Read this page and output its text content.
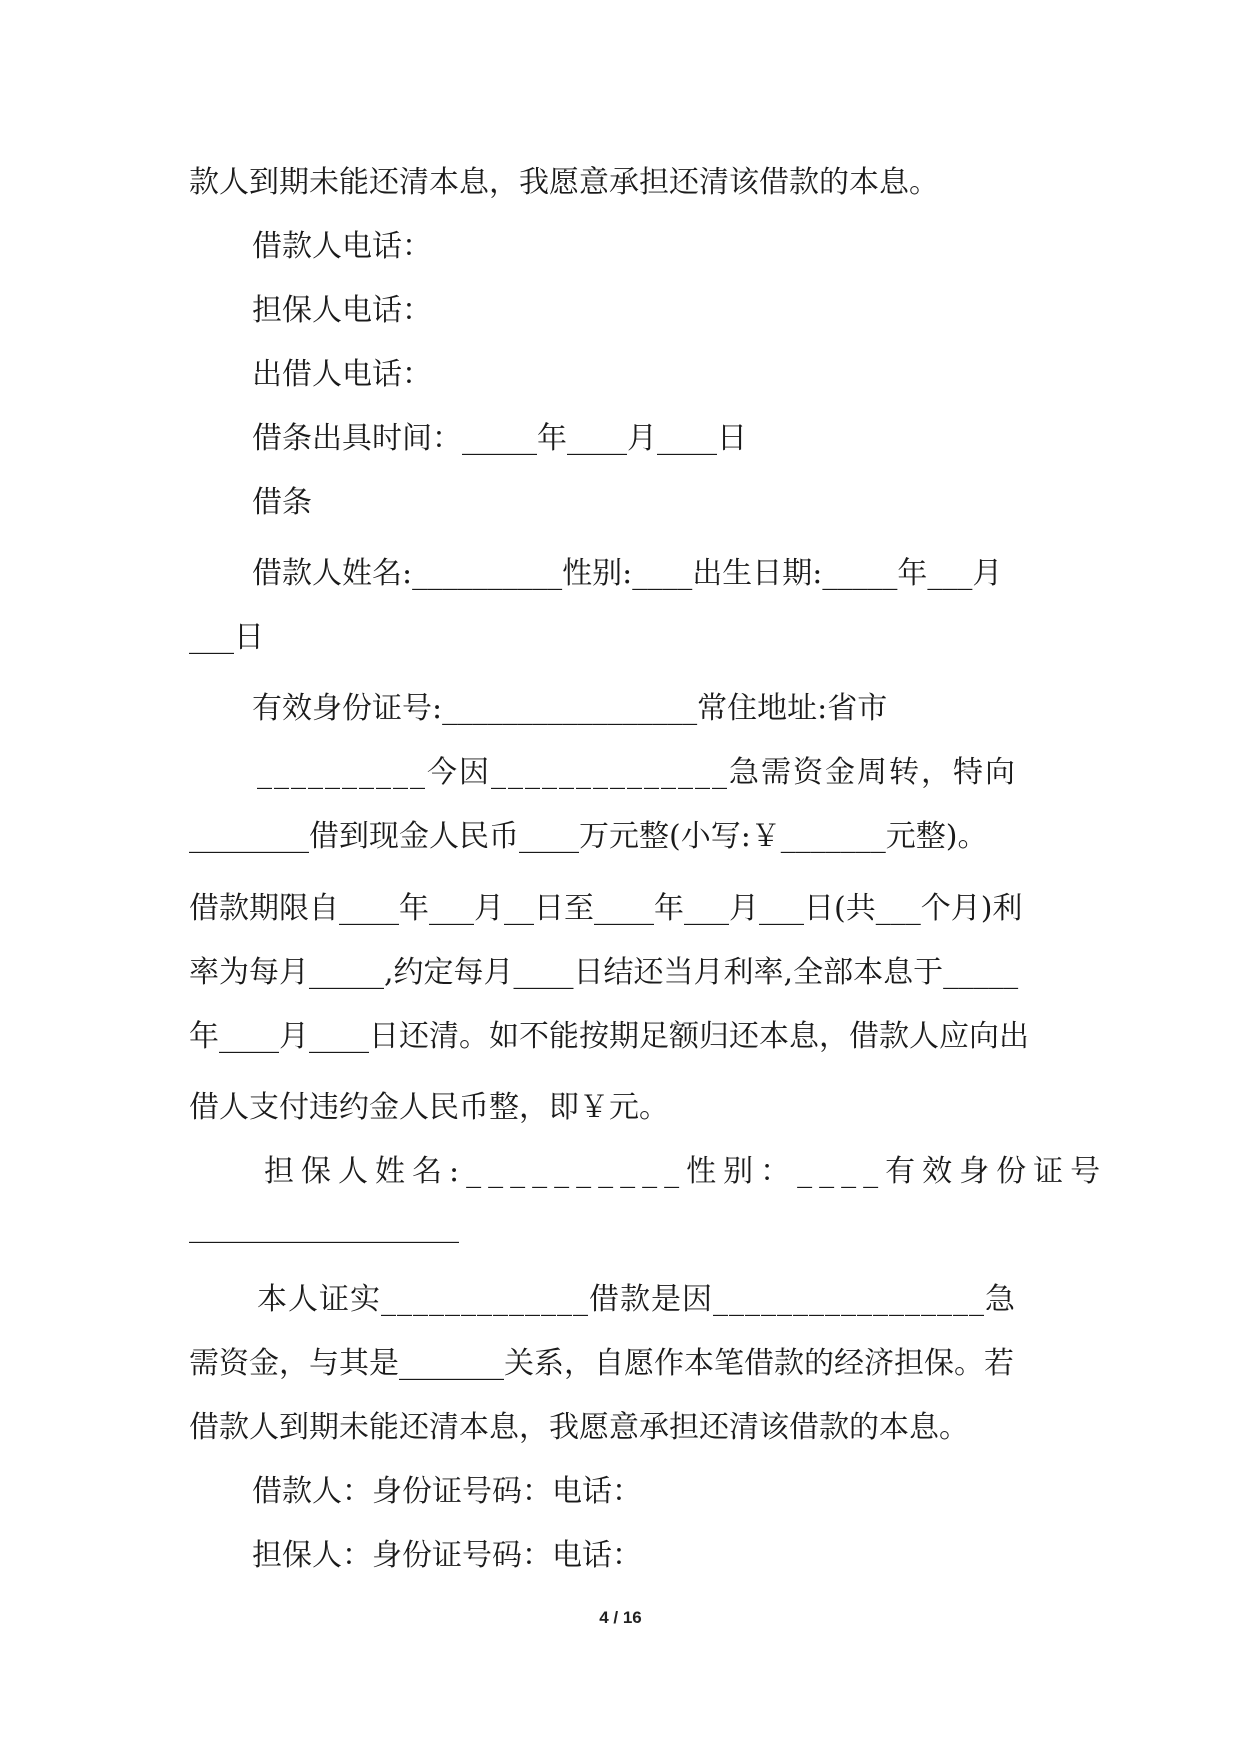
款人到期未能还清本息，我愿意承担还清该借款的本息。
借款人电话：
担保人电话：
出借人电话：
借条出具时间：_____年____月____日
借条
借款人姓名:__________性别:____出生日期:_____年___月
___日
有效身份证号:_________________常住地址:省市
__________今因______________急需资金周转，特向
________借到现金人民币____万元整(小写:￥_______元整)。
借款期限自____年___月__日至____年___月___日(共___个月)利
率为每月_____,约定每月____日结还当月利率,全部本息于_____
年____月____日还清。如不能按期足额归还本息，借款人应向出
借人支付违约金人民币整，即￥元。
担保人姓名:__________性别：____有效身份证号
__________________
本人证实_____________借款是因_________________急
需资金，与其是_______关系，自愿作本笔借款的经济担保。若
借款人到期未能还清本息，我愿意承担还清该借款的本息。
借款人：身份证号码：电话：
担保人：身份证号码：电话：
4 / 16
